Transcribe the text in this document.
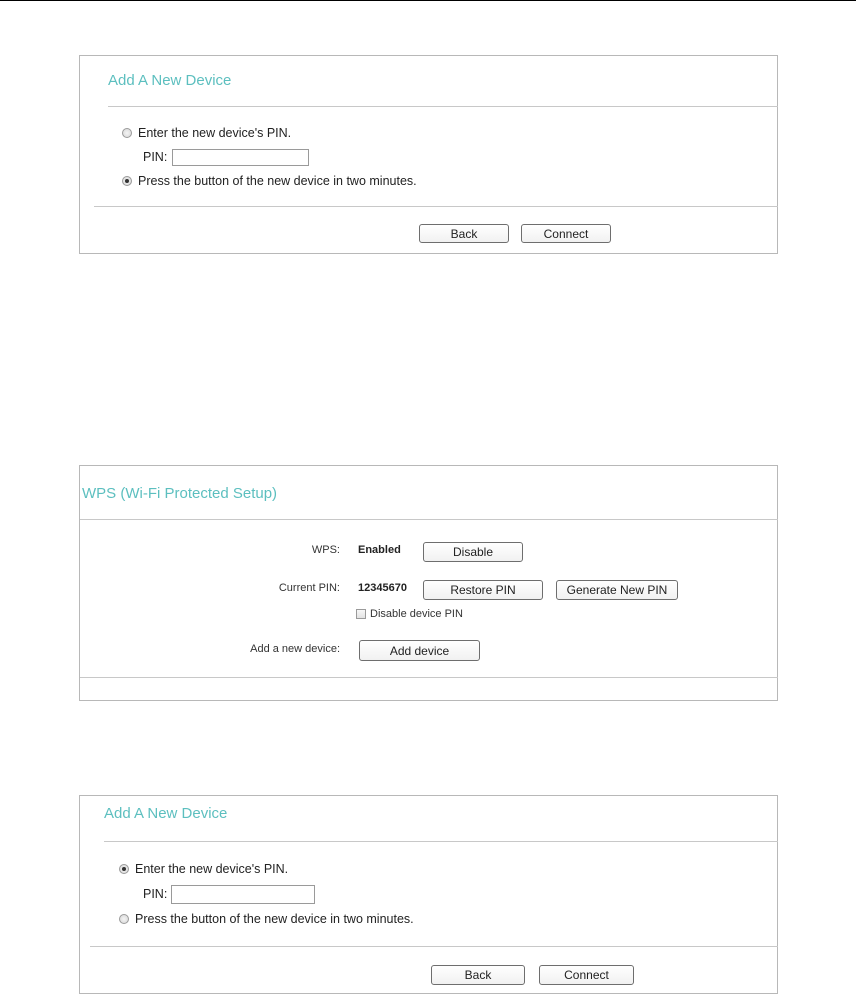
Add A New Device
Enter the new device's PIN.
PIN:
Press the button of the new device in two minutes.
Back	Connect
WPS (Wi-Fi Protected Setup)
WPS: Enabled	Disable
Current PIN: 12345670	Restore PIN	Generate New PIN
Disable device PIN
Add a new device:	Add device
Add A New Device
Enter the new device's PIN.
PIN:
Press the button of the new device in two minutes.
Back	Connect
